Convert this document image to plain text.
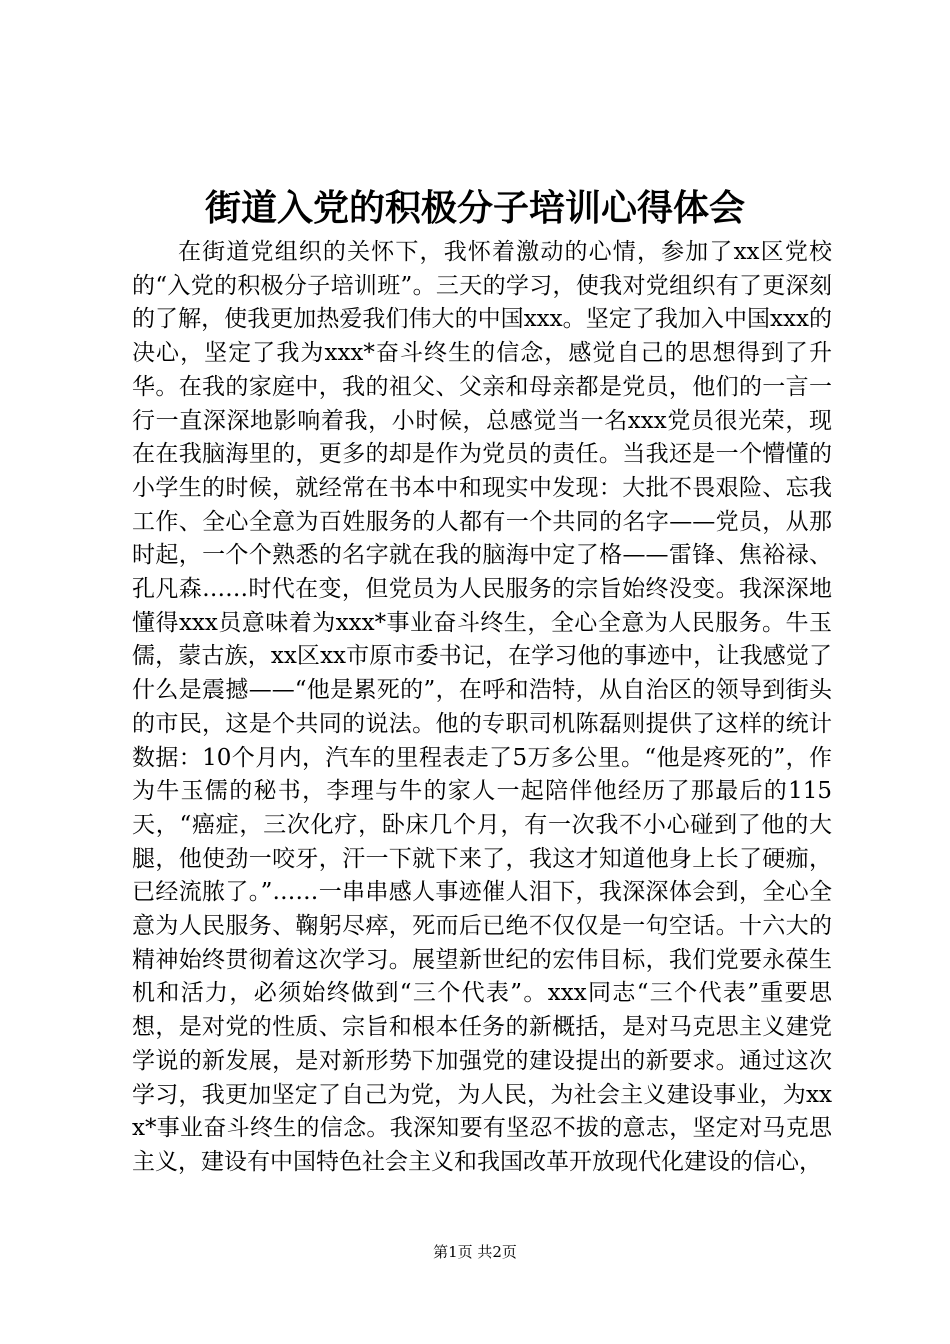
街道入党的积极分子培训心得体会

在街道党组织的关怀下，我怀着激动的心情，参加了xx区党校的“入党的积极分子培训班”。三天的学习，使我对党组织有了更深刻的了解，使我更加热爱我们伟大的中国xxx。坚定了我加入中国xxx的决心，坚定了我为xxx*奋斗终生的信念，感觉自己的思想得到了升华。在我的家庭中，我的祖父、父亲和母亲都是党员，他们的一言一行一直深深地影响着我，小时候，总感觉当一名xxx党员很光荣，现在在我脑海里的，更多的却是作为党员的责任。当我还是一个懵懂的小学生的时候，就经常在书本中和现实中发现：大批不畏艰险、忘我工作、全心全意为百姓服务的人都有一个共同的名字——党员，从那时起，一个个熟悉的名字就在我的脑海中定了格——雷锋、焦裕禄、孔凡森……时代在变，但党员为人民服务的宗旨始终没变。我深深地懂得xxx员意味着为xxx*事业奋斗终生，全心全意为人民服务。牛玉儒，蒙古族，xx区xx市原市委书记，在学习他的事迹中，让我感觉了什么是震撼——“他是累死的”，在呼和浩特，从自治区的领导到街头的市民，这是个共同的说法。他的专职司机陈磊则提供了这样的统计数据：10个月内，汽车的里程表走了5万多公里。“他是疼死的”，作为牛玉儒的秘书，李理与牛的家人一起陪伴他经历了那最后的115天，“癌症，三次化疗，卧床几个月，有一次我不小心碰到了他的大腿，他使劲一咬牙，汗一下就下来了，我这才知道他身上长了硬痂，已经流脓了。”……一串串感人事迹催人泪下，我深深体会到，全心全意为人民服务、鞠躬尽瘁，死而后已绝不仅仅是一句空话。十六大的精神始终贯彻着这次学习。展望新世纪的宏伟目标，我们党要永葆生机和活力，必须始终做到“三个代表”。xxx同志“三个代表”重要思想，是对党的性质、宗旨和根本任务的新概括，是对马克思主义建党学说的新发展，是对新形势下加强党的建设提出的新要求。通过这次学习，我更加坚定了自己为党，为人民，为社会主义建设事业，为xxx*事业奋斗终生的信念。我深知要有坚忍不拔的意志，坚定对马克思主义，建设有中国特色社会主义和我国改革开放现代化建设的信心，

第1页 共2页
